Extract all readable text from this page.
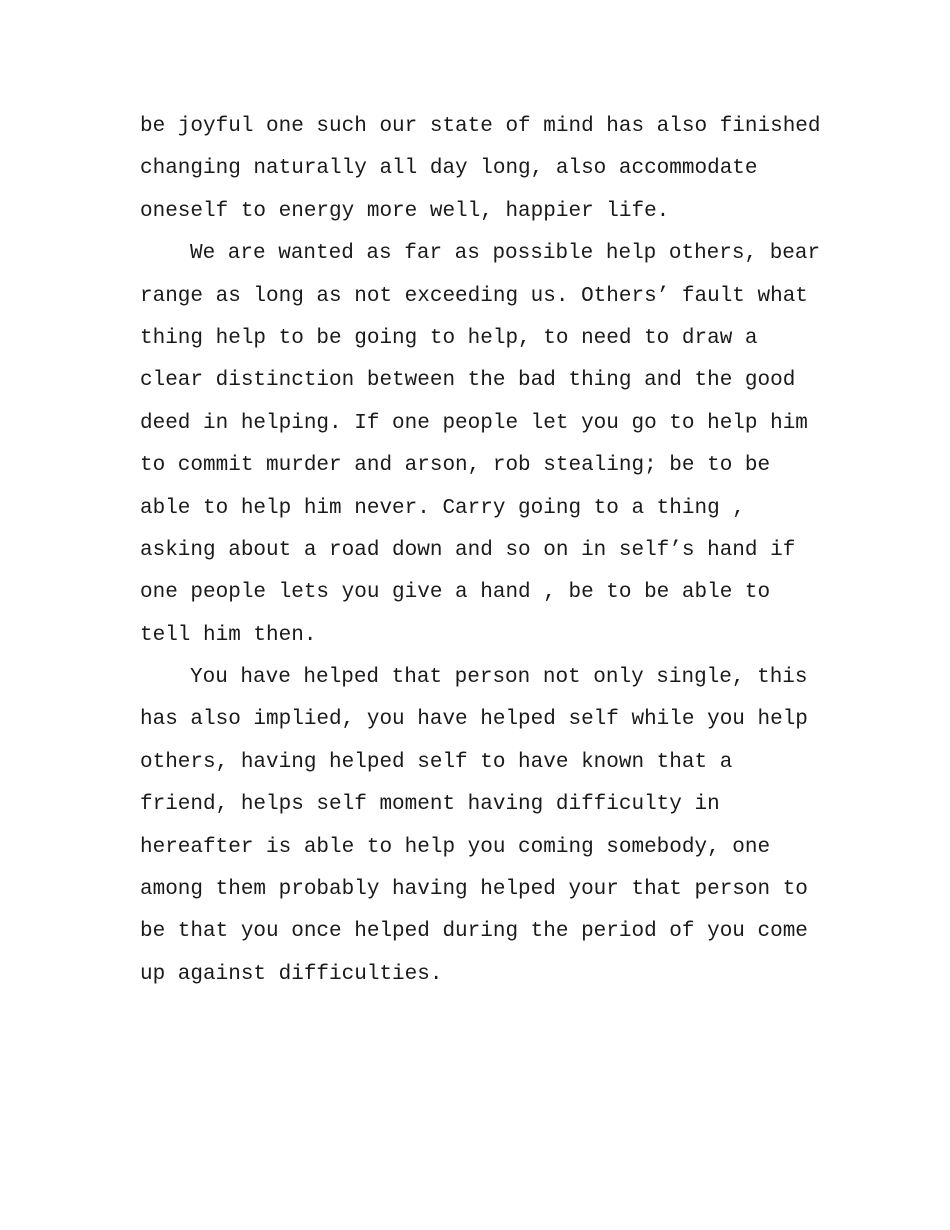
be joyful one such our state of mind has also finished
changing naturally all day long, also accommodate
oneself to energy more well, happier life.
We are wanted as far as possible help others, bear
range as long as not exceeding us. Others’ fault what
thing help to be going to help, to need to draw a
clear distinction between the bad thing and the good
deed in helping. If one people let you go to help him
to commit murder and arson, rob stealing; be to be
able to help him never. Carry going to a thing ,
asking about a road down and so on in self’s hand if
one people lets you give a hand , be to be able to
tell him then.
You have helped that person not only single, this
has also implied, you have helped self while you help
others, having helped self to have known that a
friend, helps self moment having difficulty in
hereafter is able to help you coming somebody, one
among them probably having helped your that person to
be that you once helped during the period of you come
up against difficulties.
